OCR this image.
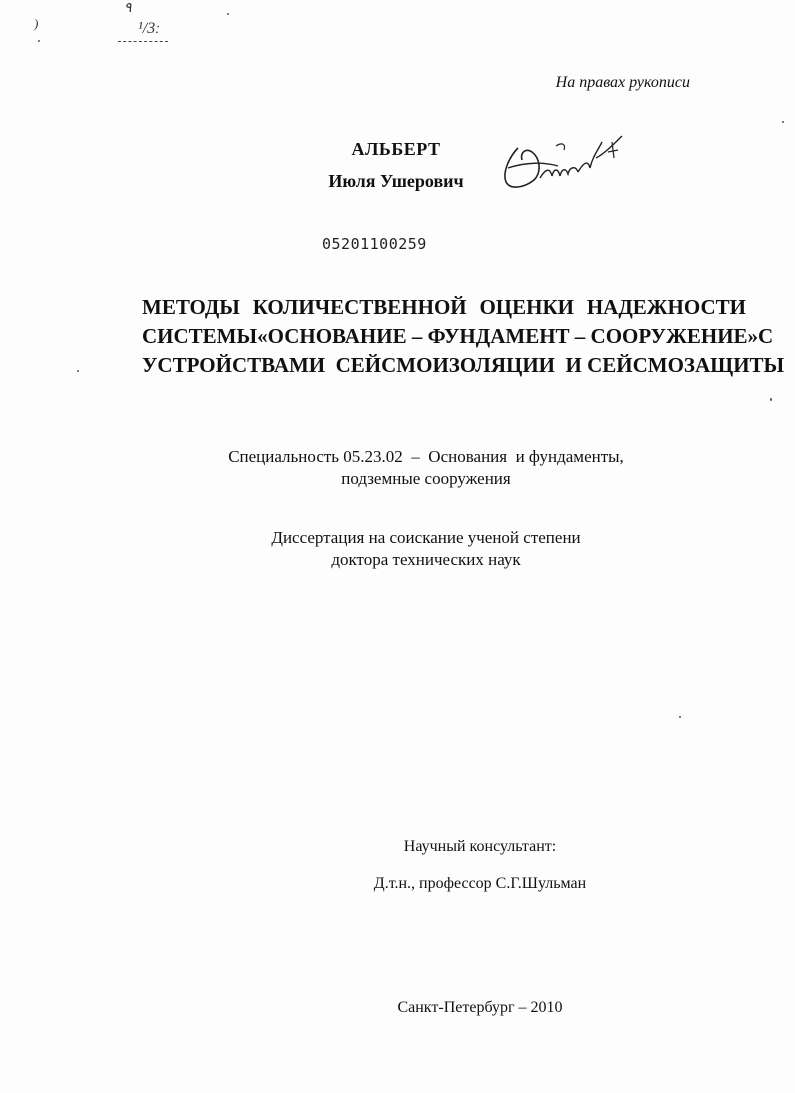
٩
¹/3ː
)
На правах рукописи
АЛЬБЕРТ
Июля Ушерович
05201100259
МЕТОДЫ КОЛИЧЕСТВЕННОЙ ОЦЕНКИ НАДЕЖНОСТИ
СИСТЕМЫ «ОСНОВАНИЕ – ФУНДАМЕНТ – СООРУЖЕНИЕ» С
УСТРОЙСТВАМИ  СЕЙСМОИЗОЛЯЦИИ  И СЕЙСМОЗАЩИТЫ
Специальность 05.23.02  –  Основания  и фундаменты,
подземные сооружения
Диссертация на соискание ученой степени
доктора технических наук
Научный консультант:
Д.т.н., профессор С.Г.Шульман
Санкт-Петербург – 2010
